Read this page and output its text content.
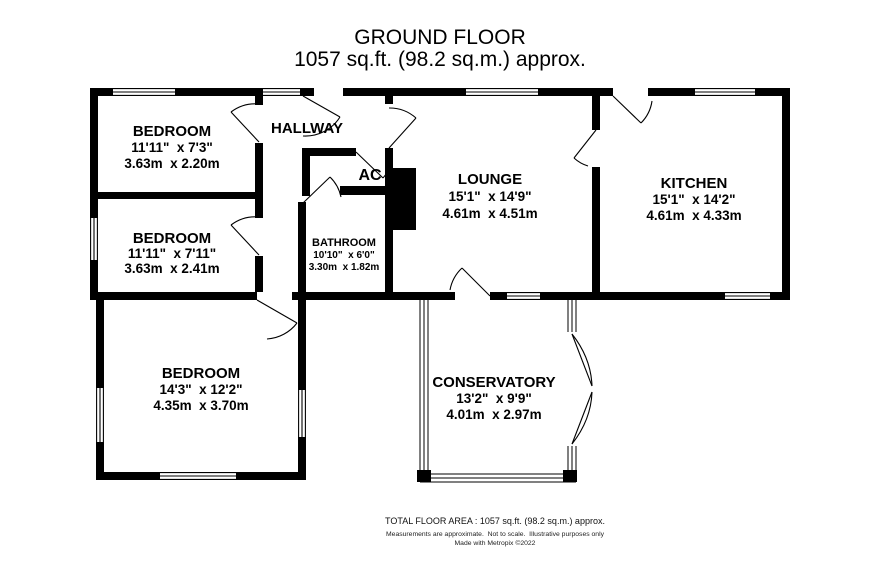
GROUND FLOOR
1057 sq.ft. (98.2 sq.m.) approx.
BEDROOM
11'11"  x 7'3"
3.63m  x 2.20m
HALLWAY
AC
BEDROOM
11'11"  x 7'11"
3.63m  x 2.41m
BATHROOM
10'10"  x 6'0"
3.30m  x 1.82m
LOUNGE
15'1"  x 14'9"
4.61m  x 4.51m
KITCHEN
15'1"  x 14'2"
4.61m  x 4.33m
BEDROOM
14'3"  x 12'2"
4.35m  x 3.70m
CONSERVATORY
13'2"  x 9'9"
4.01m  x 2.97m
TOTAL FLOOR AREA : 1057 sq.ft. (98.2 sq.m.) approx.
Measurements are approximate.  Not to scale.  Illustrative purposes only
Made with Metropix ©2022
